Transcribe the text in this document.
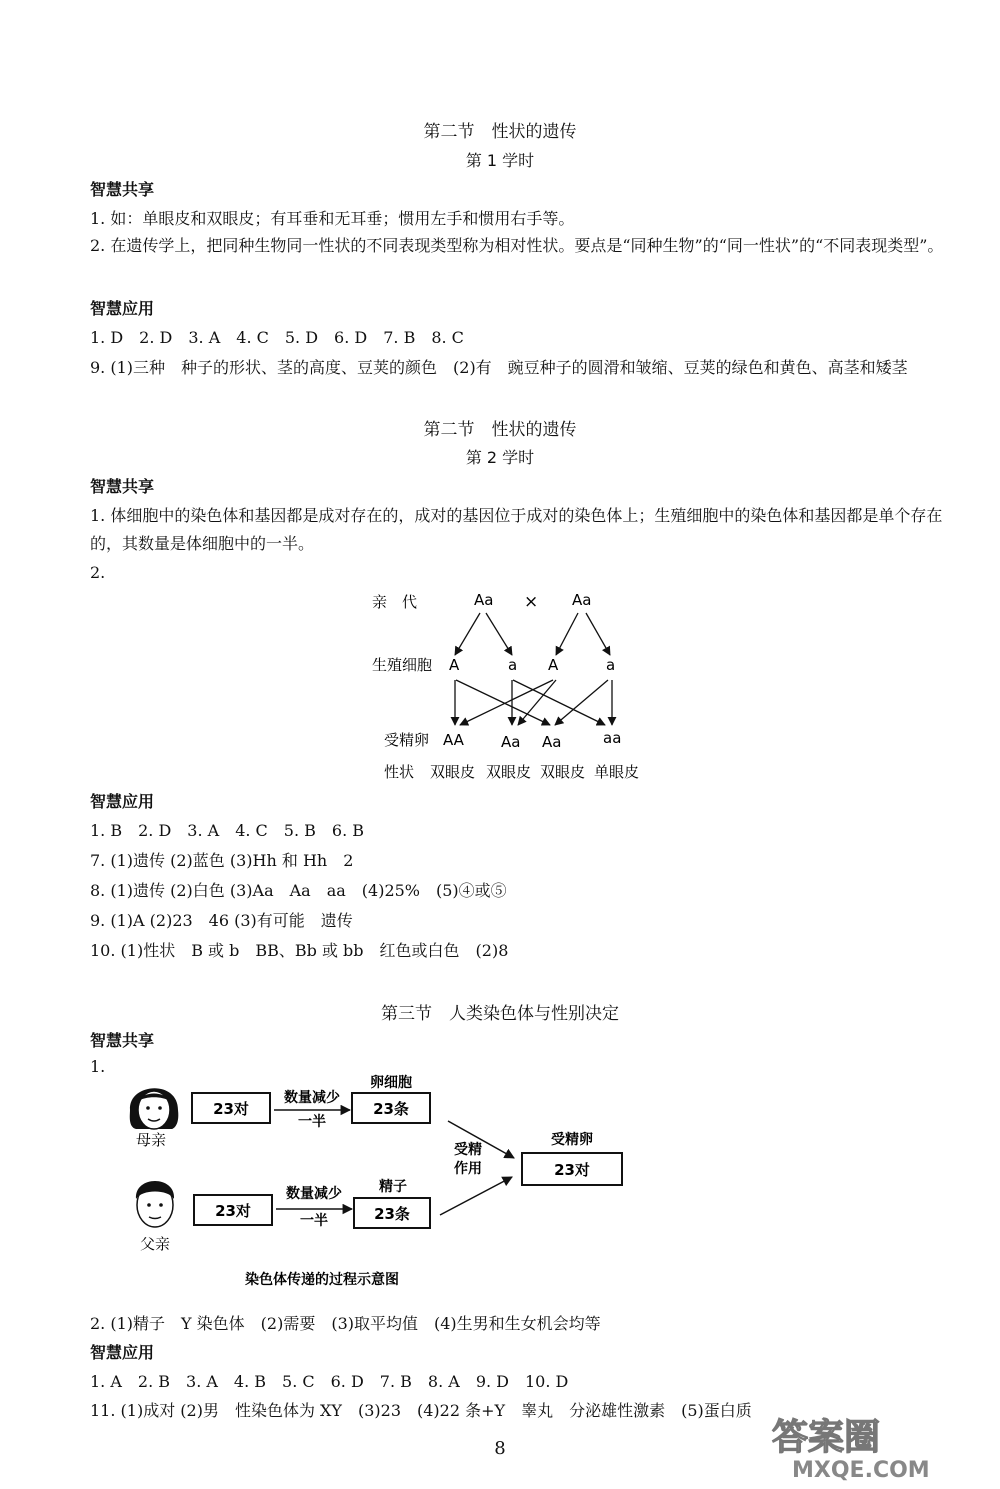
第二节　性状的遗传
第 1 学时
智慧共享
1. 如：单眼皮和双眼皮；有耳垂和无耳垂；惯用左手和惯用右手等。
2. 在遗传学上，把同种生物同一性状的不同表现类型称为相对性状。要点是“同种生物”的“同一性状”的“不同表现类型”。
智慧应用
1. D　2. D　3. A　4. C　5. D　6. D　7. B　8. C
9. (1)三种　种子的形状、茎的高度、豆荚的颜色　(2)有　豌豆种子的圆滑和皱缩、豆荚的绿色和黄色、高茎和矮茎
第二节　性状的遗传
第 2 学时
智慧共享
1. 体细胞中的染色体和基因都是成对存在的，成对的基因位于成对的染色体上；生殖细胞中的染色体和基因都是单个存在的，其数量是体细胞中的一半。
2.
亲　代	Aa × Aa
生殖细胞 A	a A	a
受精卵 AA Aa Aa	aa
性状 双眼皮 双眼皮 双眼皮 单眼皮
智慧应用
1. B　2. D　3. A　4. C　5. B　6. B
7. (1)遗传 (2)蓝色 (3)Hh 和 Hh　2
8. (1)遗传 (2)白色 (3)Aa　Aa　aa　(4)25%　(5)④或⑤
9. (1)A (2)23　46 (3)有可能　遗传
10. (1)性状　B 或 b　BB、Bb 或 bb　红色或白色　(2)8
第三节　人类染色体与性别决定
智慧共享
1.
母亲
23对
数量减少
一半
卵细胞
23条
父亲
23对
数量减少
一半
精子
23条
受精
作用
受精卵
23对
染色体传递的过程示意图
2. (1)精子　Y 染色体　(2)需要　(3)取平均值　(4)生男和生女机会均等
智慧应用
1. A　2. B　3. A　4. B　5. C　6. D　7. B　8. A　9. D　10. D
11. (1)成对 (2)男　性染色体为 XY　(3)23　(4)22 条+Y　睾丸　分泌雄性激素　(5)蛋白质
8	答案圈
MXQE.COM
